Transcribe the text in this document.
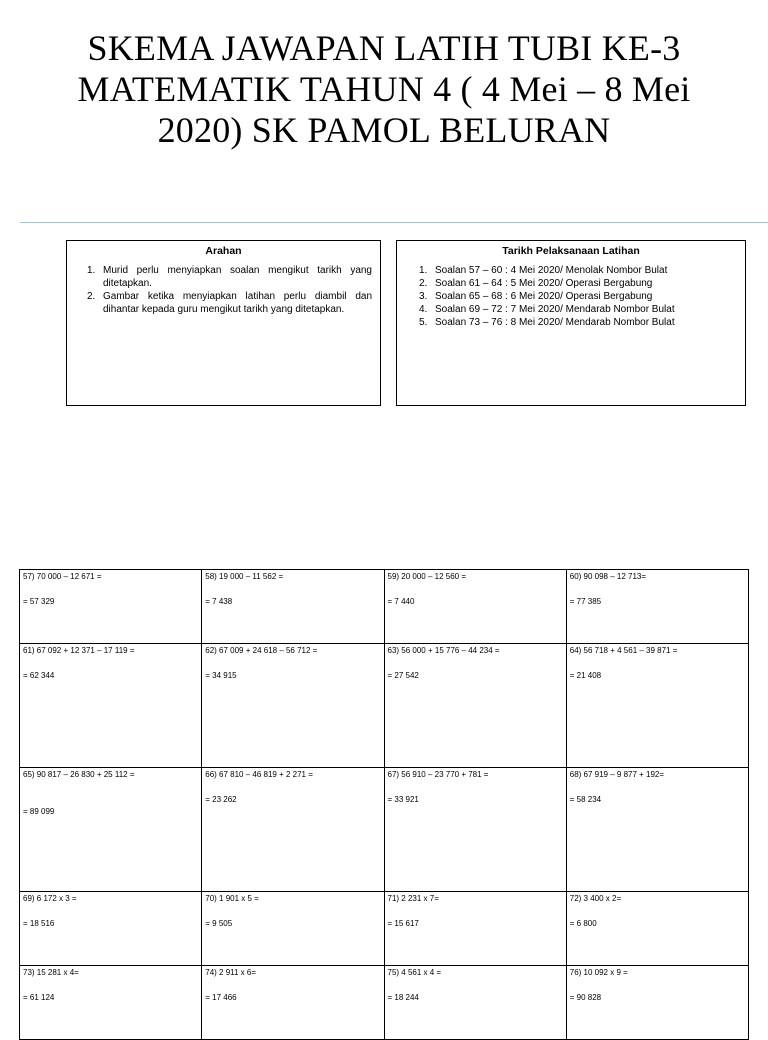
SKEMA JAWAPAN LATIH TUBI KE-3
MATEMATIK TAHUN 4 ( 4 Mei – 8 Mei
2020) SK PAMOL BELURAN
Arahan
1. Murid perlu menyiapkan soalan mengikut tarikh yang ditetapkan.
2. Gambar ketika menyiapkan latihan perlu diambil dan dihantar kepada guru mengikut tarikh yang ditetapkan.
Tarikh Pelaksanaan Latihan
1. Soalan 57 – 60 : 4 Mei 2020/ Menolak Nombor Bulat
2. Soalan 61 – 64 : 5 Mei 2020/ Operasi Bergabung
3. Soalan 65 – 68 : 6 Mei 2020/ Operasi Bergabung
4. Soalan 69 – 72 : 7 Mei 2020/ Mendarab Nombor Bulat
5. Soalan 73 – 76 : 8 Mei 2020/ Mendarab Nombor Bulat
57) 70 000 – 12 671 =
= 57 329	58) 19 000 – 11 562 =
= 7 438	59) 20 000 – 12 560 =
= 7 440	60) 90 098 – 12 713=
= 77 385

61) 67 092 + 12 371 – 17 119 =
= 62 344	62) 67 009 + 24 618 – 56 712 =
= 34 915	63) 56 000 + 15 776 – 44 234 =
= 27 542	64) 56 718 + 4 561 – 39 871 =
= 21 408

65) 90 817 – 26 830 + 25 112 =
= 89 099	66) 67 810 – 46 819 + 2 271 =
= 23 262	67) 56 910 – 23 770 + 781 =
= 33 921	68) 67 919 – 9 877 + 192=
= 58 234

69) 6 172 x 3 =
= 18 516	70) 1 901 x 5 =
= 9 505	71) 2 231 x 7=
= 15 617	72) 3 400 x 2=
= 6 800

73) 15 281 x 4=
= 61 124	74) 2 911 x 6=
= 17 466	75) 4 561 x 4 =
= 18 244	76) 10 092 x 9 =
= 90 828
